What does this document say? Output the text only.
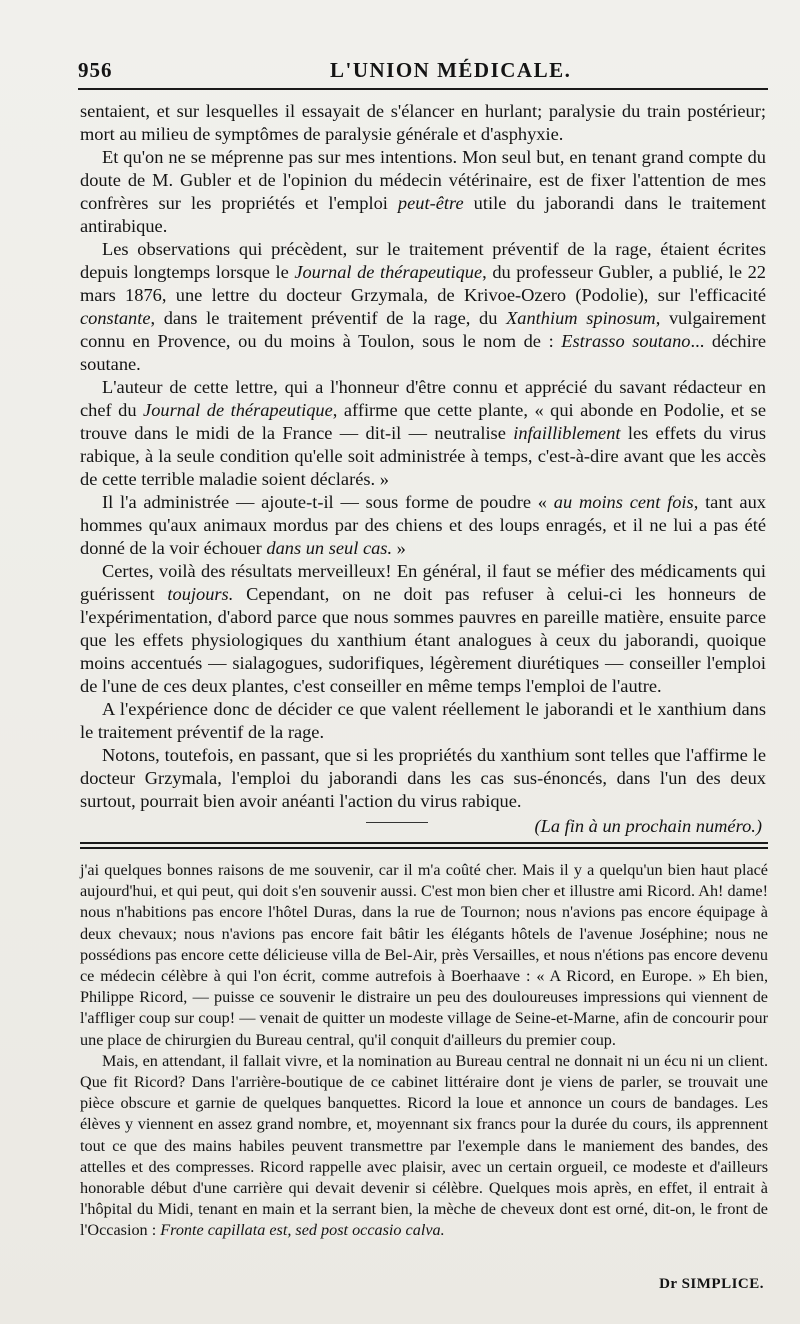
956	L'UNION MÉDICALE.

sentaient, et sur lesquelles il essayait de s'élancer en hurlant; paralysie du train postérieur; mort au milieu de symptômes de paralysie générale et d'asphyxie.

Et qu'on ne se méprenne pas sur mes intentions. Mon seul but, en tenant grand compte du doute de M. Gubler et de l'opinion du médecin vétérinaire, est de fixer l'attention de mes confrères sur les propriétés et l'emploi peut-être utile du jaborandi dans le traitement antirabique.

Les observations qui précèdent, sur le traitement préventif de la rage, étaient écrites depuis longtemps lorsque le Journal de thérapeutique, du professeur Gubler, a publié, le 22 mars 1876, une lettre du docteur Grzymala, de Krivoe-Ozero (Podolie), sur l'efficacité constante, dans le traitement préventif de la rage, du Xanthium spinosum, vulgairement connu en Provence, ou du moins à Toulon, sous le nom de : Estrasso soutano... déchire soutane.

L'auteur de cette lettre, qui a l'honneur d'être connu et apprécié du savant rédacteur en chef du Journal de thérapeutique, affirme que cette plante, « qui abonde en Podolie, et se trouve dans le midi de la France — dit-il — neutralise infailliblement les effets du virus rabique, à la seule condition qu'elle soit administrée à temps, c'est-à-dire avant que les accès de cette terrible maladie soient déclarés. »

Il l'a administrée — ajoute-t-il — sous forme de poudre « au moins cent fois, tant aux hommes qu'aux animaux mordus par des chiens et des loups enragés, et il ne lui a pas été donné de la voir échouer dans un seul cas. »

Certes, voilà des résultats merveilleux! En général, il faut se méfier des médicaments qui guérissent toujours. Cependant, on ne doit pas refuser à celui-ci les honneurs de l'expérimentation, d'abord parce que nous sommes pauvres en pareille matière, ensuite parce que les effets physiologiques du xanthium étant analogues à ceux du jaborandi, quoique moins accentués — sialagogues, sudorifiques, légèrement diurétiques — conseiller l'emploi de l'une de ces deux plantes, c'est conseiller en même temps l'emploi de l'autre.

A l'expérience donc de décider ce que valent réellement le jaborandi et le xanthium dans le traitement préventif de la rage.

Notons, toutefois, en passant, que si les propriétés du xanthium sont telles que l'affirme le docteur Grzymala, l'emploi du jaborandi dans les cas sus-énoncés, dans l'un des deux surtout, pourrait bien avoir anéanti l'action du virus rabique.

(La fin à un prochain numéro.)

j'ai quelques bonnes raisons de me souvenir, car il m'a coûté cher. Mais il y a quelqu'un bien haut placé aujourd'hui, et qui peut, qui doit s'en souvenir aussi. C'est mon bien cher et illustre ami Ricord. Ah! dame! nous n'habitions pas encore l'hôtel Duras, dans la rue de Tournon; nous n'avions pas encore équipage à deux chevaux; nous n'avions pas encore fait bâtir les élégants hôtels de l'avenue Joséphine; nous ne possédions pas encore cette délicieuse villa de Bel-Air, près Versailles, et nous n'étions pas encore devenu ce médecin célèbre à qui l'on écrit, comme autrefois à Boerhaave : « A Ricord, en Europe. » Eh bien, Philippe Ricord, — puisse ce souvenir le distraire un peu des douloureuses impressions qui viennent de l'affliger coup sur coup! — venait de quitter un modeste village de Seine-et-Marne, afin de concourir pour une place de chirurgien du Bureau central, qu'il conquit d'ailleurs du premier coup.

Mais, en attendant, il fallait vivre, et la nomination au Bureau central ne donnait ni un écu ni un client. Que fit Ricord? Dans l'arrière-boutique de ce cabinet littéraire dont je viens de parler, se trouvait une pièce obscure et garnie de quelques banquettes. Ricord la loue et annonce un cours de bandages. Les élèves y viennent en assez grand nombre, et, moyennant six francs pour la durée du cours, ils apprennent tout ce que des mains habiles peuvent transmettre par l'exemple dans le maniement des bandes, des attelles et des compresses. Ricord rappelle avec plaisir, avec un certain orgueil, ce modeste et d'ailleurs honorable début d'une carrière qui devait devenir si célèbre. Quelques mois après, en effet, il entrait à l'hôpital du Midi, tenant en main et la serrant bien, la mèche de cheveux dont est orné, dit-on, le front de l'Occasion : Fronte capillata est, sed post occasio calva.

Dr SIMPLICE.
